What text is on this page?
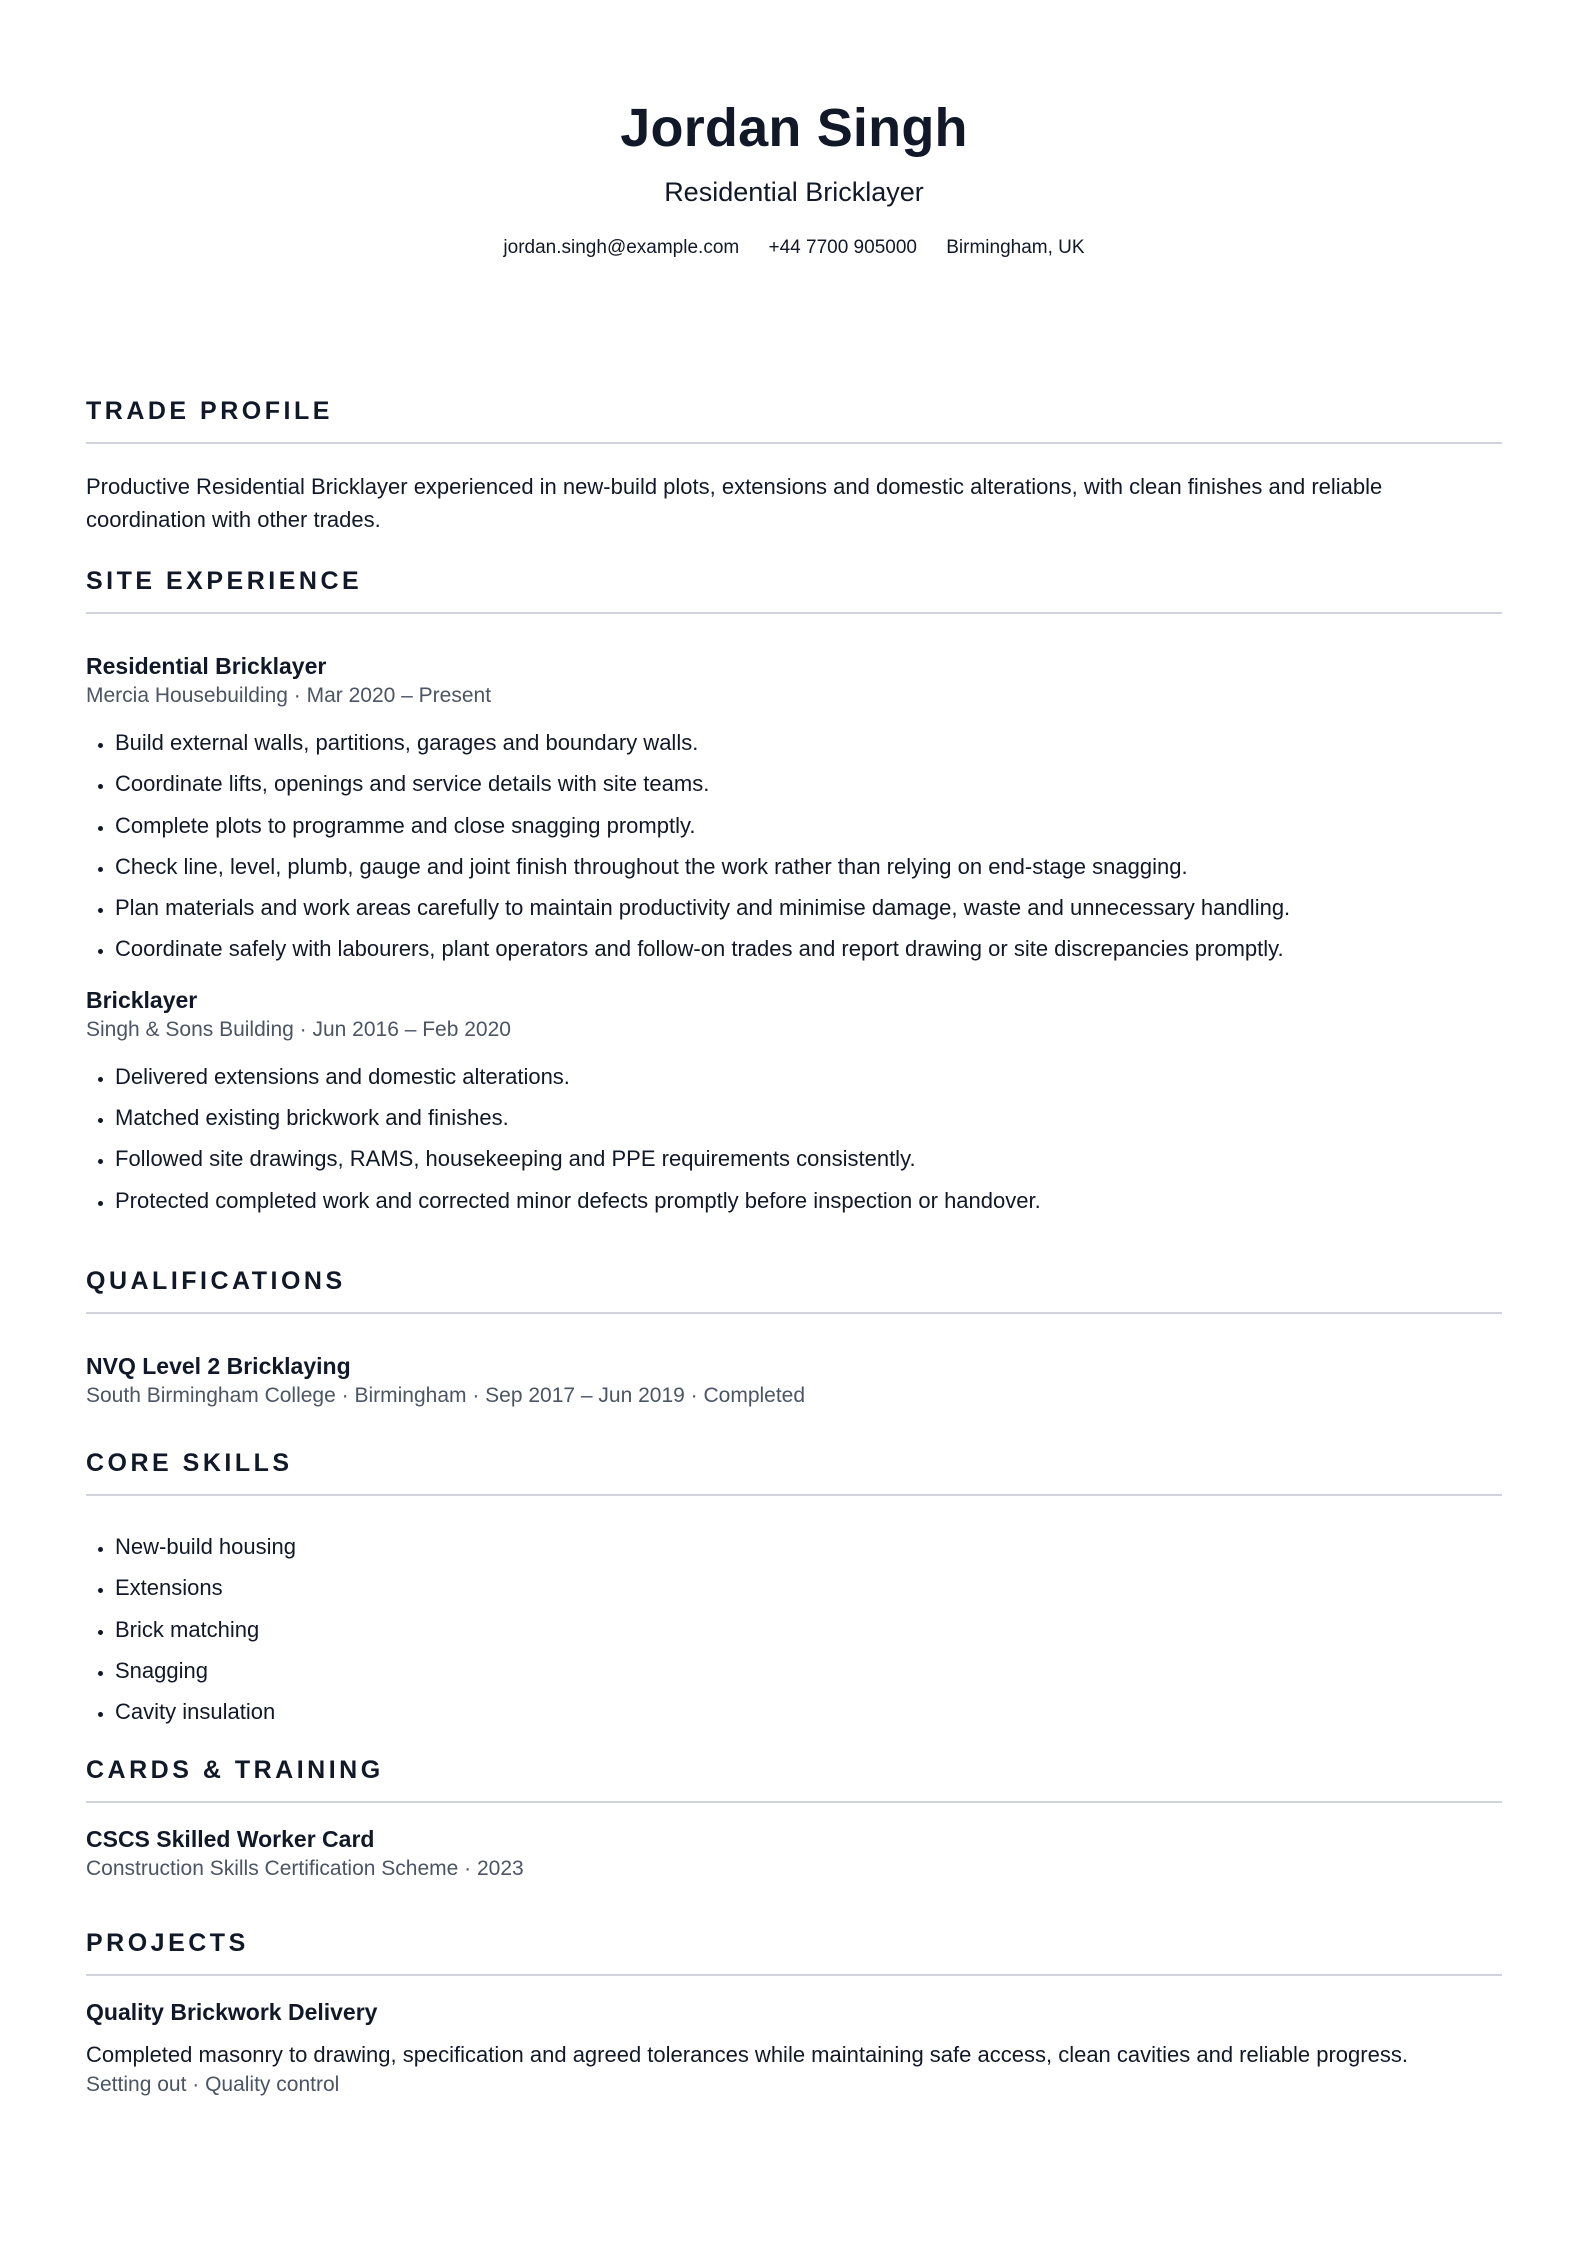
Jordan Singh
Residential Bricklayer
jordan.singh@example.com +44 7700 905000 Birmingham, UK
TRADE PROFILE
Productive Residential Bricklayer experienced in new-build plots, extensions and domestic alterations, with clean finishes and reliable coordination with other trades.
SITE EXPERIENCE
Residential Bricklayer
Mercia Housebuilding · Mar 2020 – Present
• Build external walls, partitions, garages and boundary walls.
• Coordinate lifts, openings and service details with site teams.
• Complete plots to programme and close snagging promptly.
• Check line, level, plumb, gauge and joint finish throughout the work rather than relying on end-stage snagging.
• Plan materials and work areas carefully to maintain productivity and minimise damage, waste and unnecessary handling.
• Coordinate safely with labourers, plant operators and follow-on trades and report drawing or site discrepancies promptly.
Bricklayer
Singh & Sons Building · Jun 2016 – Feb 2020
• Delivered extensions and domestic alterations.
• Matched existing brickwork and finishes.
• Followed site drawings, RAMS, housekeeping and PPE requirements consistently.
• Protected completed work and corrected minor defects promptly before inspection or handover.
QUALIFICATIONS
NVQ Level 2 Bricklaying
South Birmingham College · Birmingham · Sep 2017 – Jun 2019 · Completed
CORE SKILLS
• New-build housing
• Extensions
• Brick matching
• Snagging
• Cavity insulation
CARDS & TRAINING
CSCS Skilled Worker Card
Construction Skills Certification Scheme · 2023
PROJECTS
Quality Brickwork Delivery
Completed masonry to drawing, specification and agreed tolerances while maintaining safe access, clean cavities and reliable progress.
Setting out · Quality control
